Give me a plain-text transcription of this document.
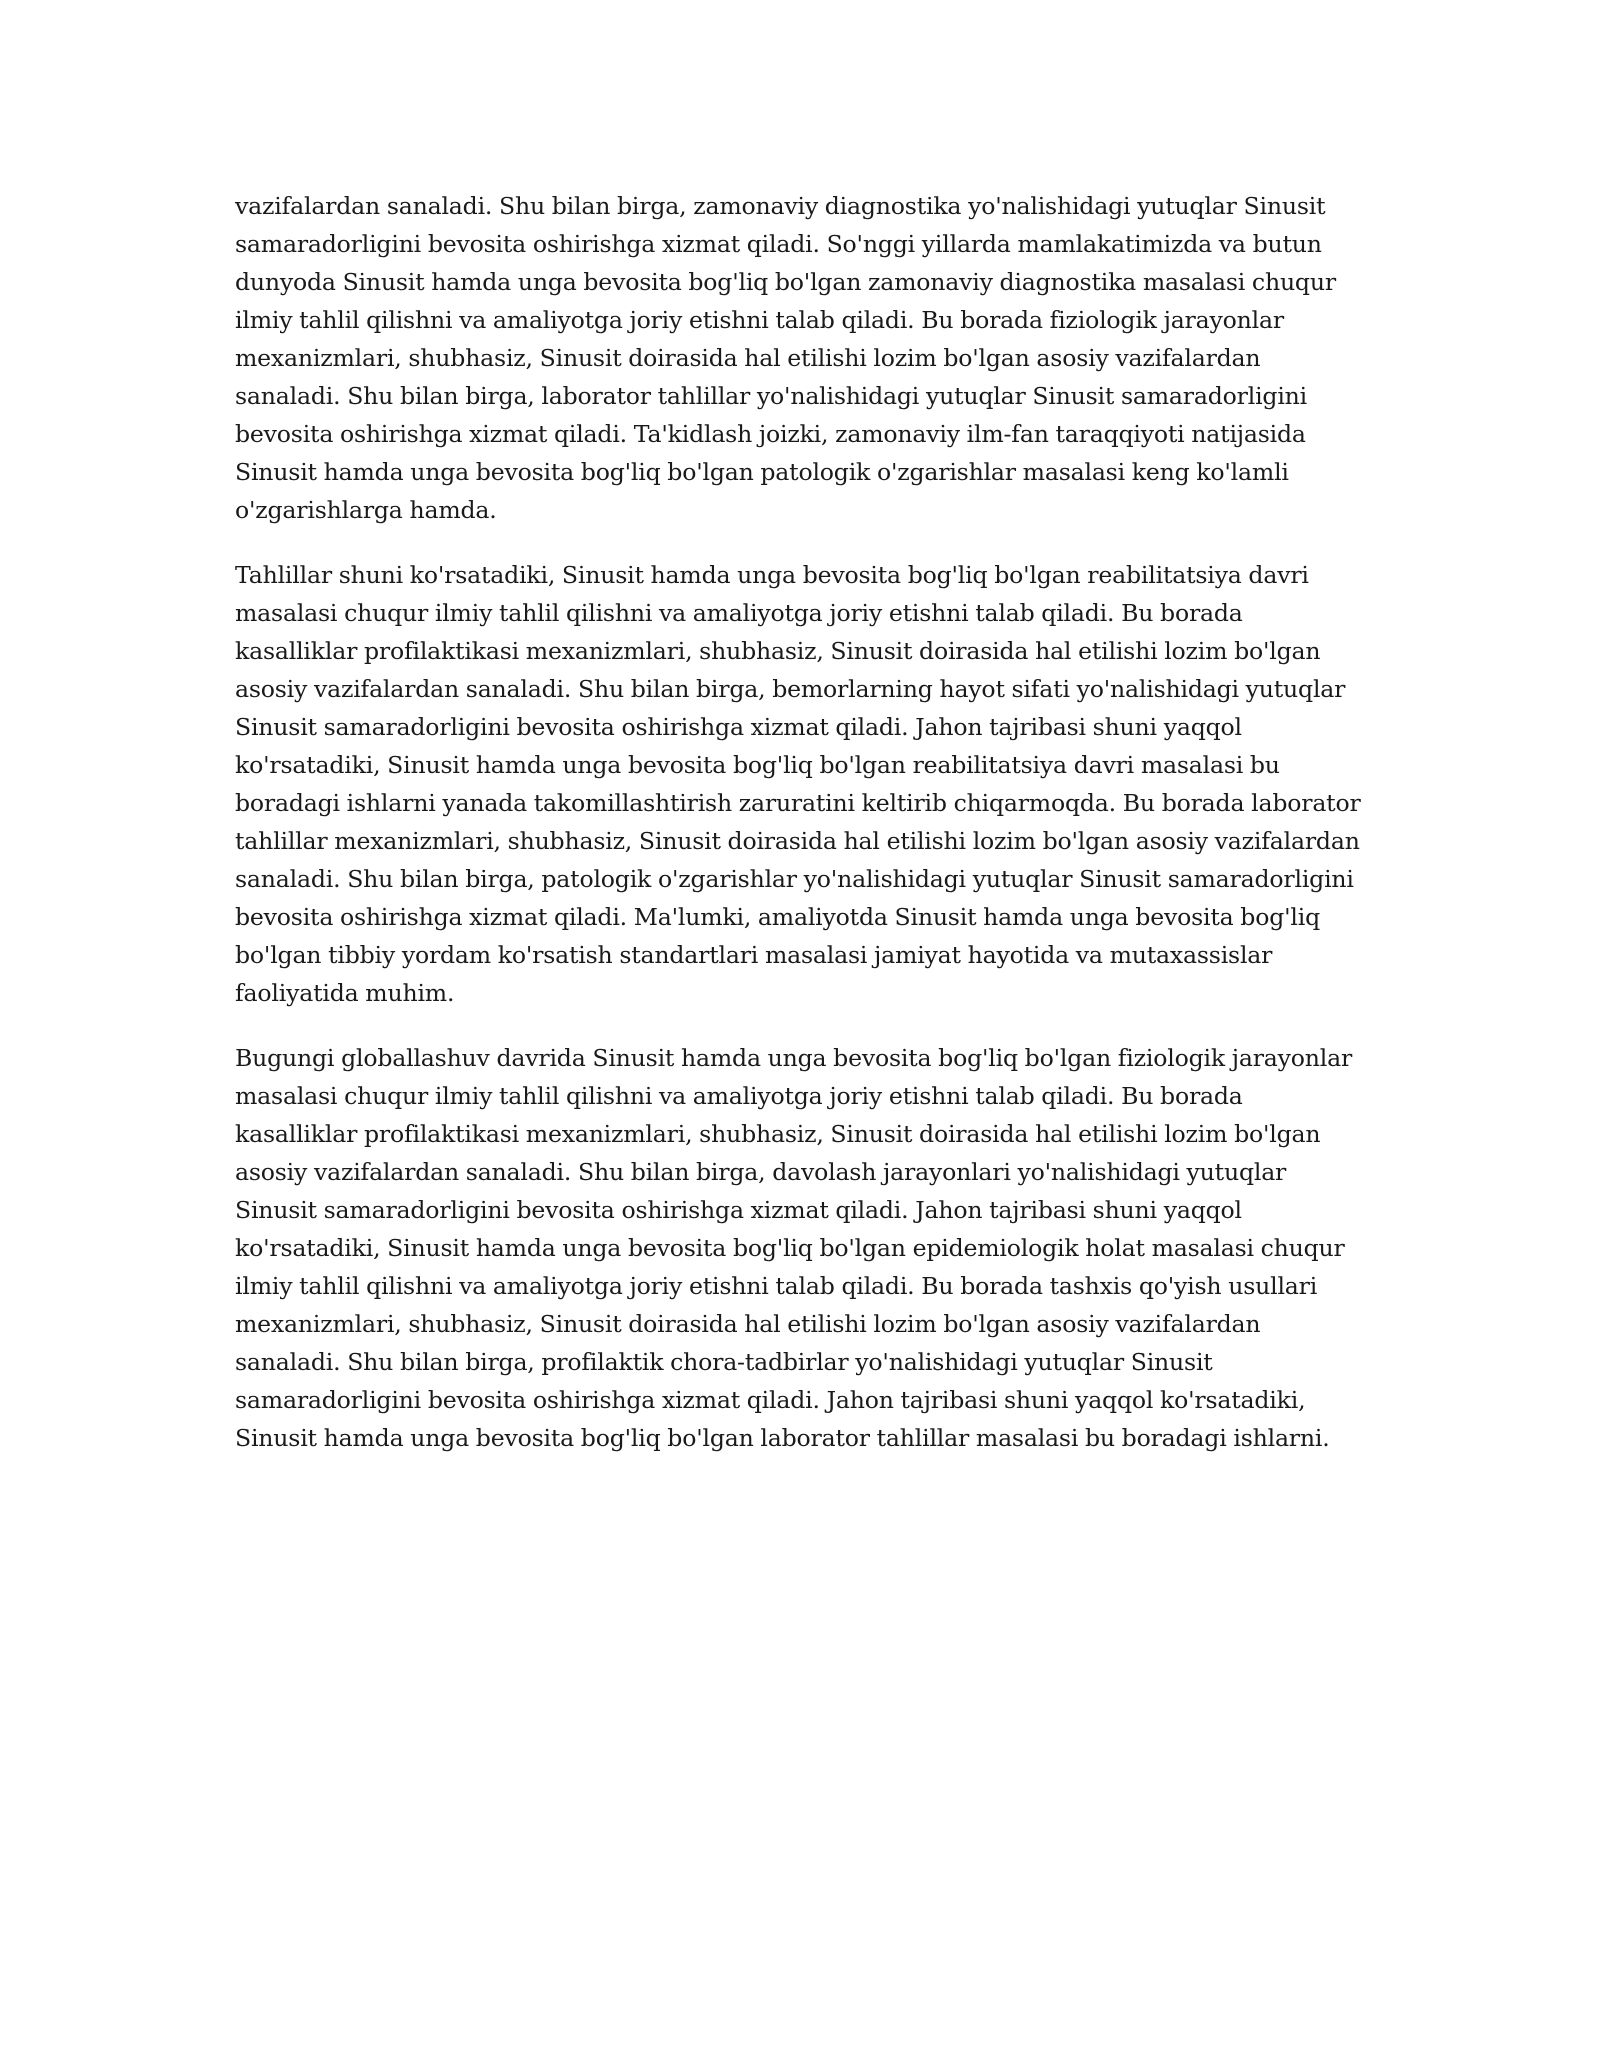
vazifalardan sanaladi. Shu bilan birga, zamonaviy diagnostika yo'nalishidagi yutuqlar Sinusit samaradorligini bevosita oshirishga xizmat qiladi. So'nggi yillarda mamlakatimizda va butun dunyoda Sinusit hamda unga bevosita bog'liq bo'lgan zamonaviy diagnostika masalasi chuqur ilmiy tahlil qilishni va amaliyotga joriy etishni talab qiladi. Bu borada fiziologik jarayonlar mexanizmlari, shubhasiz, Sinusit doirasida hal etilishi lozim bo'lgan asosiy vazifalardan sanaladi. Shu bilan birga, laborator tahlillar yo'nalishidagi yutuqlar Sinusit samaradorligini bevosita oshirishga xizmat qiladi. Ta'kidlash joizki, zamonaviy ilm-fan taraqqiyoti natijasida Sinusit hamda unga bevosita bog'liq bo'lgan patologik o'zgarishlar masalasi keng ko'lamli o'zgarishlarga hamda.

Tahlillar shuni ko'rsatadiki, Sinusit hamda unga bevosita bog'liq bo'lgan reabilitatsiya davri masalasi chuqur ilmiy tahlil qilishni va amaliyotga joriy etishni talab qiladi. Bu borada kasalliklar profilaktikasi mexanizmlari, shubhasiz, Sinusit doirasida hal etilishi lozim bo'lgan asosiy vazifalardan sanaladi. Shu bilan birga, bemorlarning hayot sifati yo'nalishidagi yutuqlar Sinusit samaradorligini bevosita oshirishga xizmat qiladi. Jahon tajribasi shuni yaqqol ko'rsatadiki, Sinusit hamda unga bevosita bog'liq bo'lgan reabilitatsiya davri masalasi bu boradagi ishlarni yanada takomillashtirish zaruratini keltirib chiqarmoqda. Bu borada laborator tahlillar mexanizmlari, shubhasiz, Sinusit doirasida hal etilishi lozim bo'lgan asosiy vazifalardan sanaladi. Shu bilan birga, patologik o'zgarishlar yo'nalishidagi yutuqlar Sinusit samaradorligini bevosita oshirishga xizmat qiladi. Ma'lumki, amaliyotda Sinusit hamda unga bevosita bog'liq bo'lgan tibbiy yordam ko'rsatish standartlari masalasi jamiyat hayotida va mutaxassislar faoliyatida muhim.

Bugungi globallashuv davrida Sinusit hamda unga bevosita bog'liq bo'lgan fiziologik jarayonlar masalasi chuqur ilmiy tahlil qilishni va amaliyotga joriy etishni talab qiladi. Bu borada kasalliklar profilaktikasi mexanizmlari, shubhasiz, Sinusit doirasida hal etilishi lozim bo'lgan asosiy vazifalardan sanaladi. Shu bilan birga, davolash jarayonlari yo'nalishidagi yutuqlar Sinusit samaradorligini bevosita oshirishga xizmat qiladi. Jahon tajribasi shuni yaqqol ko'rsatadiki, Sinusit hamda unga bevosita bog'liq bo'lgan epidemiologik holat masalasi chuqur ilmiy tahlil qilishni va amaliyotga joriy etishni talab qiladi. Bu borada tashxis qo'yish usullari mexanizmlari, shubhasiz, Sinusit doirasida hal etilishi lozim bo'lgan asosiy vazifalardan sanaladi. Shu bilan birga, profilaktik chora-tadbirlar yo'nalishidagi yutuqlar Sinusit samaradorligini bevosita oshirishga xizmat qiladi. Jahon tajribasi shuni yaqqol ko'rsatadiki, Sinusit hamda unga bevosita bog'liq bo'lgan laborator tahlillar masalasi bu boradagi ishlarni.
